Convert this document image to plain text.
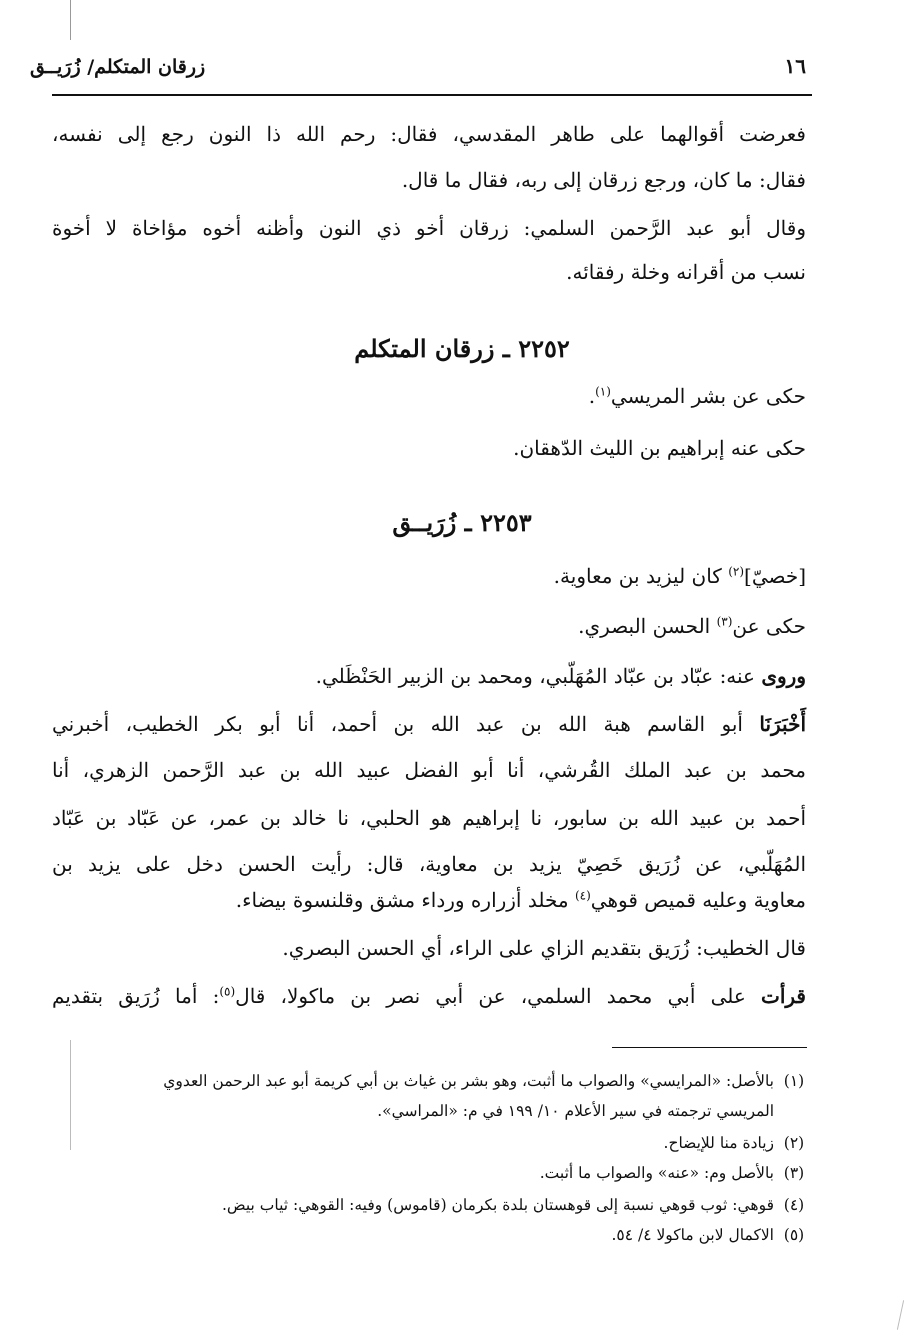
١٦
زرقان المتكلم/ زُرَيــق
فعرضت أقوالهما على طاهر المقدسي، فقال: رحم الله ذا النون رجع إلى نفسه،
فقال: ما كان، ورجع زرقان إلى ربه، فقال ما قال.
وقال أبو عبد الرَّحمن السلمي: زرقان أخو ذي النون وأظنه أخوه مؤاخاة لا أخوة
نسب من أقرانه وخلة رفقائه.
٢٢٥٢ ـ زرقان المتكلم
حكى عن بشر المريسي$^{(١)}$.
حكى عنه إبراهيم بن الليث الدّهقان.
٢٢٥٣ ـ زُرَيــق
[خصيّ]$^{(٢)}$ كان ليزيد بن معاوية.
حكى عن$^{(٣)}$ الحسن البصري.
وروى عنه: عبّاد بن عبّاد المُهَلّبي، ومحمد بن الزبير الحَنْظَلي.
أَخْبَرَنَا أبو القاسم هبة الله بن عبد الله بن أحمد، أنا أبو بكر الخطيب، أخبرني
محمد بن عبد الملك القُرشي، أنا أبو الفضل عبيد الله بن عبد الرَّحمن الزهري، أنا
أحمد بن عبيد الله بن سابور، نا إبراهيم هو الحلبي، نا خالد بن عمر، عن عَبّاد بن عَبّاد
المُهَلّبي، عن زُرَيق خَصِيّ يزيد بن معاوية، قال: رأيت الحسن دخل على يزيد بن
معاوية وعليه قميص قوهي$^{(٤)}$ مخلد أزراره ورداء مشق وقلنسوة بيضاء.
قال الخطيب: زُرَيق بتقديم الزاي على الراء، أي الحسن البصري.
قرأت على أبي محمد السلمي، عن أبي نصر بن ماكولا، قال$^{(٥)}$: أما زُرَيق بتقديم
(١)بالأصل: «المرايسي» والصواب ما أثبت، وهو بشر بن غياث بن أبي كريمة أبو عبد الرحمن العدوي
المريسي ترجمته في سير الأعلام ١٠/ ١٩٩ في م: «المراسي».
(٢)زيادة منا للإيضاح.
(٣)بالأصل وم: «عنه» والصواب ما أثبت.
(٤)قوهي: ثوب قوهي نسبة إلى قوهستان بلدة بكرمان (قاموس) وفيه: القوهي: ثياب بيض.
(٥)الاكمال لابن ماكولا ٤/ ٥٤.
